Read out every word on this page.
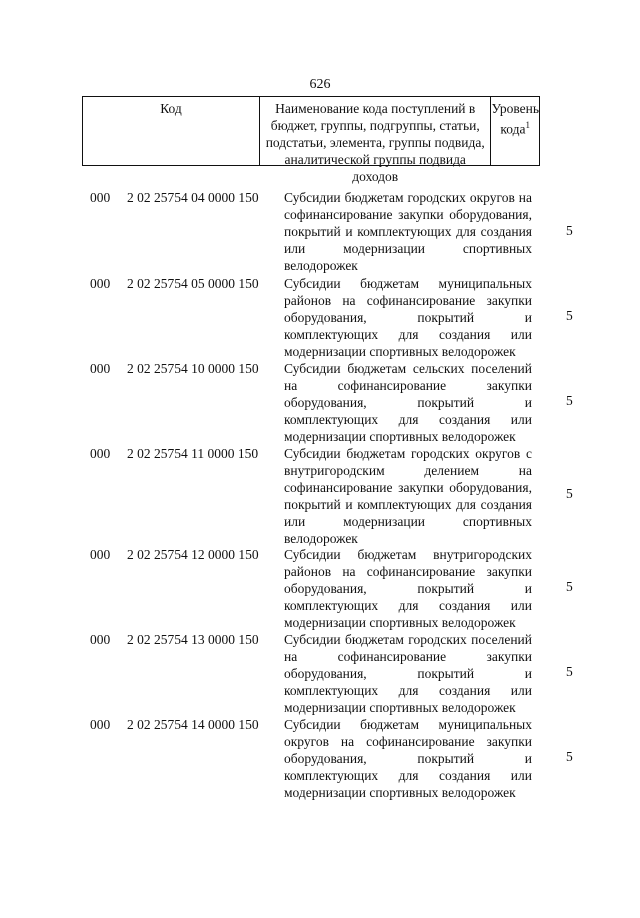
626
Код	Наименование кода поступлений в бюджет, группы, подгруппы, статьи, подстатьи, элемента, группы подвида, аналитической группы подвида доходов
Уровень кода$^1$
000 2 02 25754 04 0000 150 Субсидии бюджетам городских округов на софинансирование закупки оборудования, покрытий и комплектующих для создания или модернизации спортивных велодорожек
5
000 2 02 25754 05 0000 150 Субсидии бюджетам муниципальных районов на софинансирование закупки оборудования, покрытий и комплектующих для создания или модернизации спортивных велодорожек
5
000 2 02 25754 10 0000 150 Субсидии бюджетам сельских поселений на софинансирование закупки оборудования, покрытий и комплектующих для создания или модернизации спортивных велодорожек
5
000 2 02 25754 11 0000 150 Субсидии бюджетам городских округов с внутригородским делением на софинансирование закупки оборудования, покрытий и комплектующих для создания или модернизации спортивных велодорожек
5
000 2 02 25754 12 0000 150 Субсидии бюджетам внутригородских районов на софинансирование закупки оборудования, покрытий и комплектующих для создания или модернизации спортивных велодорожек
5
000 2 02 25754 13 0000 150 Субсидии бюджетам городских поселений на софинансирование закупки оборудования, покрытий и комплектующих для создания или модернизации спортивных велодорожек
5
000 2 02 25754 14 0000 150 Субсидии бюджетам муниципальных округов на софинансирование закупки оборудования, покрытий и комплектующих для создания или модернизации спортивных велодорожек
5
